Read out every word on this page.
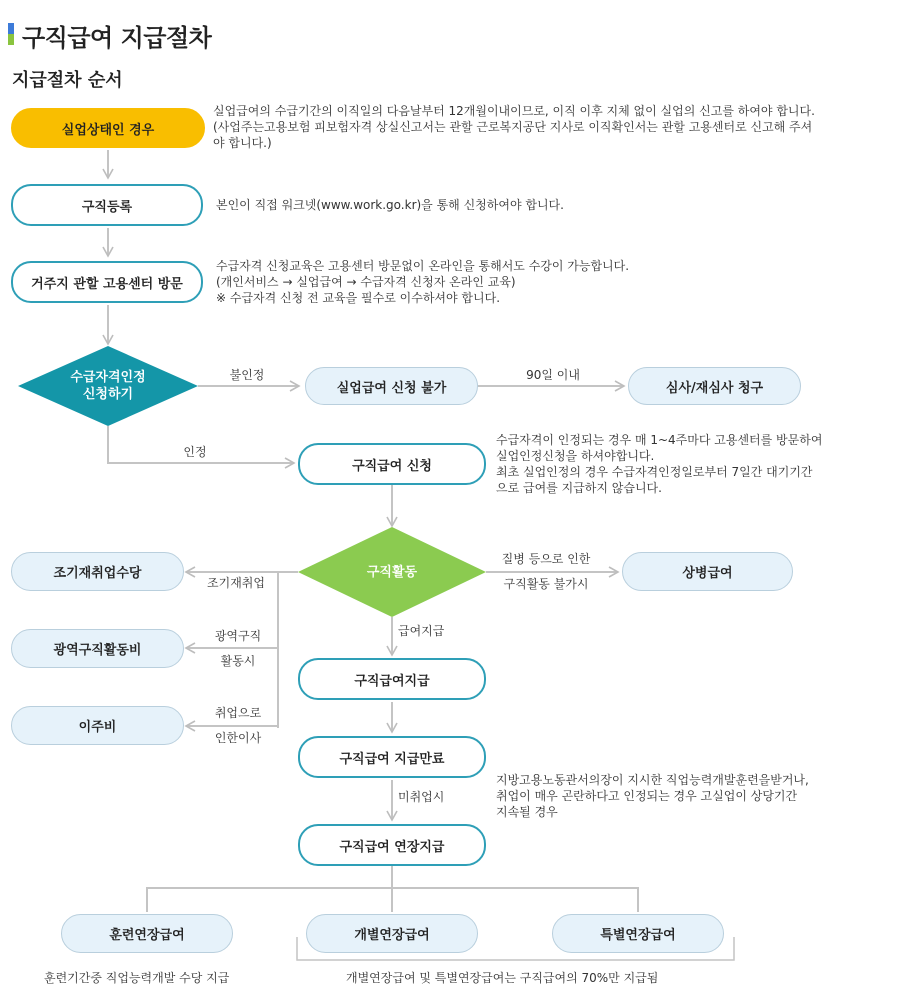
구직급여 지급절차
지급절차 순서
실업상태인 경우
구직등록
거주지 관할 고용센터 방문
수급자격인정
신청하기	실업급여 신청 불가	심사/재심사 청구
구직급여 신청
구직활동	상병급여
조기재취업수당
광역구직활동비
이주비
구직급여지급
구직급여 지급만료
구직급여 연장지급
훈련연장급여	개별연장급여	특별연장급여
불인정	90일 이내
인정
질병 등으로 인한
구직활동 불가시
조기재취업
광역구직
활동시
취업으로
인한이사
급여지급
미취업시
실업급여의 수급기간의 이직일의 다음날부터 12개월이내이므로, 이직 이후 지체 없이 실업의 신고를 하여야 합니다.
(사업주는고용보험 피보험자격 상실신고서는 관할 근로복지공단 지사로 이직확인서는 관할 고용센터로 신고해 주셔
야 합니다.)
본인이 직접 워크넷(www.work.go.kr)을 통해 신청하여야 합니다.
수급자격 신청교육은 고용센터 방문없이 온라인을 통해서도 수강이 가능합니다.
(개인서비스 → 실업급여 → 수급자격 신청자 온라인 교육)
※ 수급자격 신청 전 교육을 필수로 이수하셔야 합니다.
수급자격이 인정되는 경우 매 1~4주마다 고용센터를 방문하여
실업인정신청을 하셔야합니다.
최초 실업인정의 경우 수급자격인정일로부터 7일간 대기기간
으로 급여를 지급하지 않습니다.
지방고용노동관서의장이 지시한 직업능력개발훈련을받거나,
취업이 매우 곤란하다고 인정되는 경우 고실업이 상당기간
지속될 경우
훈련기간중 직업능력개발 수당 지급	개별연장급여 및 특별연장급여는 구직급여의 70%만 지급됨
